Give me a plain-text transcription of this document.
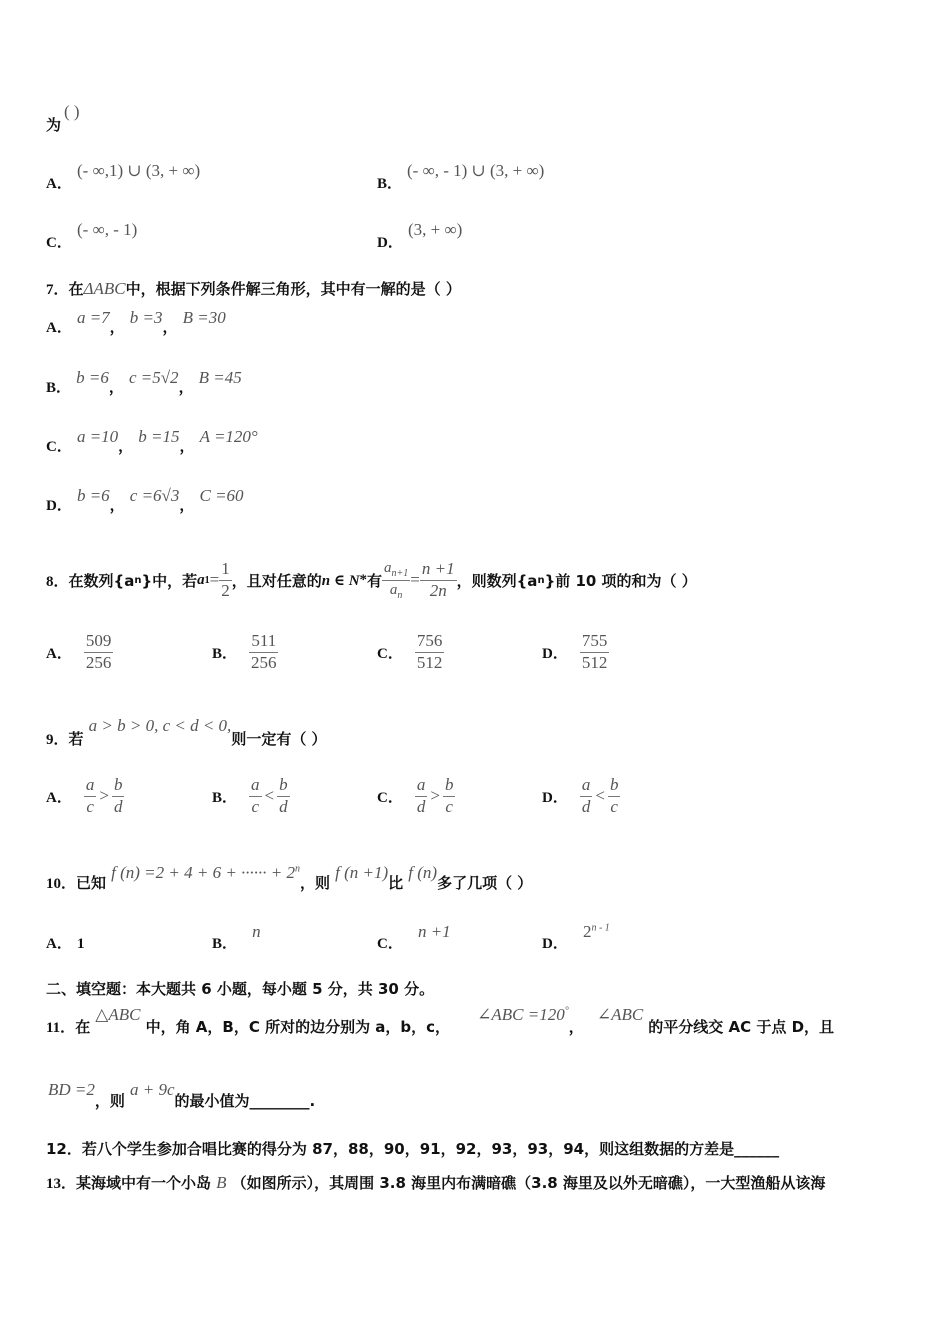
为
( )
A．
(- ∞,1) ∪ (3, + ∞)
B．
(- ∞, - 1) ∪ (3, + ∞)
C．
(- ∞, - 1)
D．
(3, + ∞)
7．在ΔABC中，根据下列条件解三角形，其中有一解的是（ ）
A． a =7， b =3， B =30
B． b =6， c =5√2， B =45
C． a =10， b =15， A =120°
D． b =6， c =6√3， C =60
8． 在数列{a n }中，若 a $1 = \frac{1}{2}$ ，且对任意的 n ∈ N * 有 $\frac{a_{n+1}}{a_n} = \frac{n +1}{2n}$ ，则数列{a n }前 10 项的和为（ ）
A． $\frac{509}{256}$	B． $\frac{511}{256}$	C． $\frac{756}{512}$	D． $\frac{755}{512}$
9．若 a > b > 0, c < d < 0,则一定有（ ）
A． $\frac{a}{c} > \frac{b}{d}$	B． $\frac{a}{c} < \frac{b}{d}$	C． $\frac{a}{d} > \frac{b}{c}$	D． $\frac{a}{d} < \frac{b}{c}$
10．已知 f (n) =2 + 4 + 6 + ······ + $2^n$，则 f (n +1)比 f (n)多了几项（ ）
A． 1	B． n
C． n +1
D． 2$^{n - 1}$
二、填空题：本大题共 6 小题，每小题 5 分，共 30 分。
11．在 △ABC 中，角 A，B，C 所对的边分别为 a，b，c， ∠ABC =120°， ∠ABC 的平分线交 AC 于点 D，且
BD =2，则 a + 9c的最小值为________.
12．若八个学生参加合唱比赛的得分为 87，88，90，91，92，93，93，94，则这组数据的方差是______
13．某海域中有一个小岛 B （如图所示），其周围 3.8 海里内布满暗礁（3.8 海里及以外无暗礁），一大型渔船从该海
